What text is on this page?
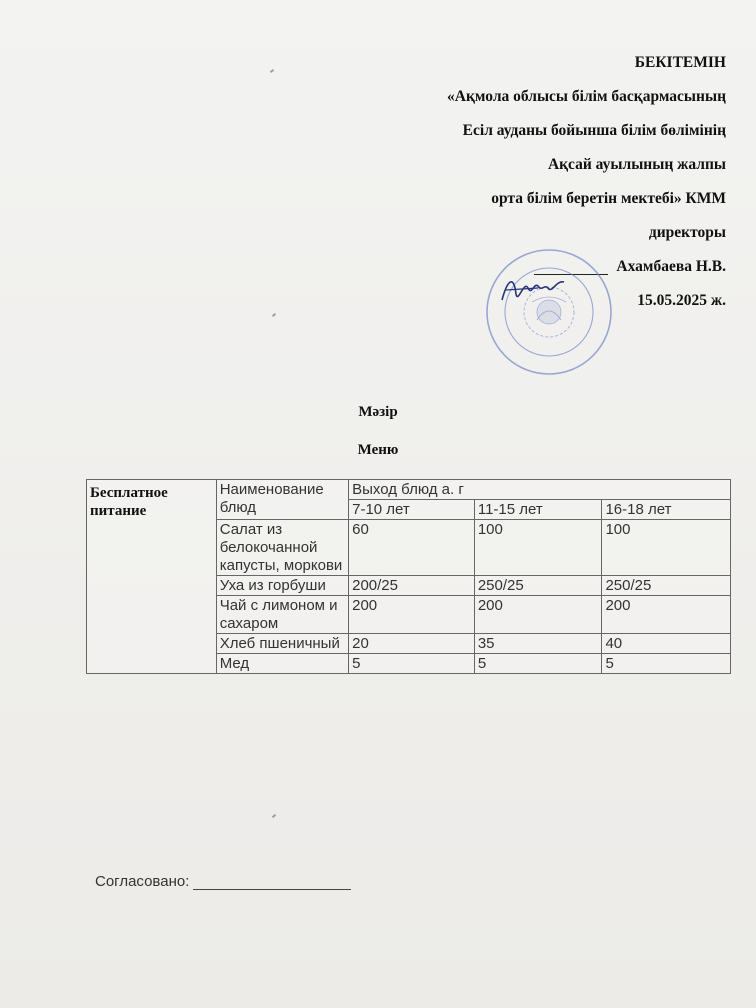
БЕКІТЕМІН
«Ақмола облысы білім басқармасының
Есіл ауданы бойынша білім бөлімінің
Ақсай ауылының жалпы
орта білім беретін мектебі» КММ
директоры
Ахамбаева Н.В.
15.05.2025 ж.
Мәзір
Меню
Бесплатное питание	Наименование блюд	Выход блюд а. г		
		7-10 лет	11-15 лет	16-18 лет
	Салат из белокочанной капусты, моркови	60	100	100
	Уха из горбуши	200/25	250/25	250/25
	Чай с лимоном и сахаром	200	200	200
	Хлеб пшеничный	20	35	40
	Мед	5	5	5
Согласовано:
